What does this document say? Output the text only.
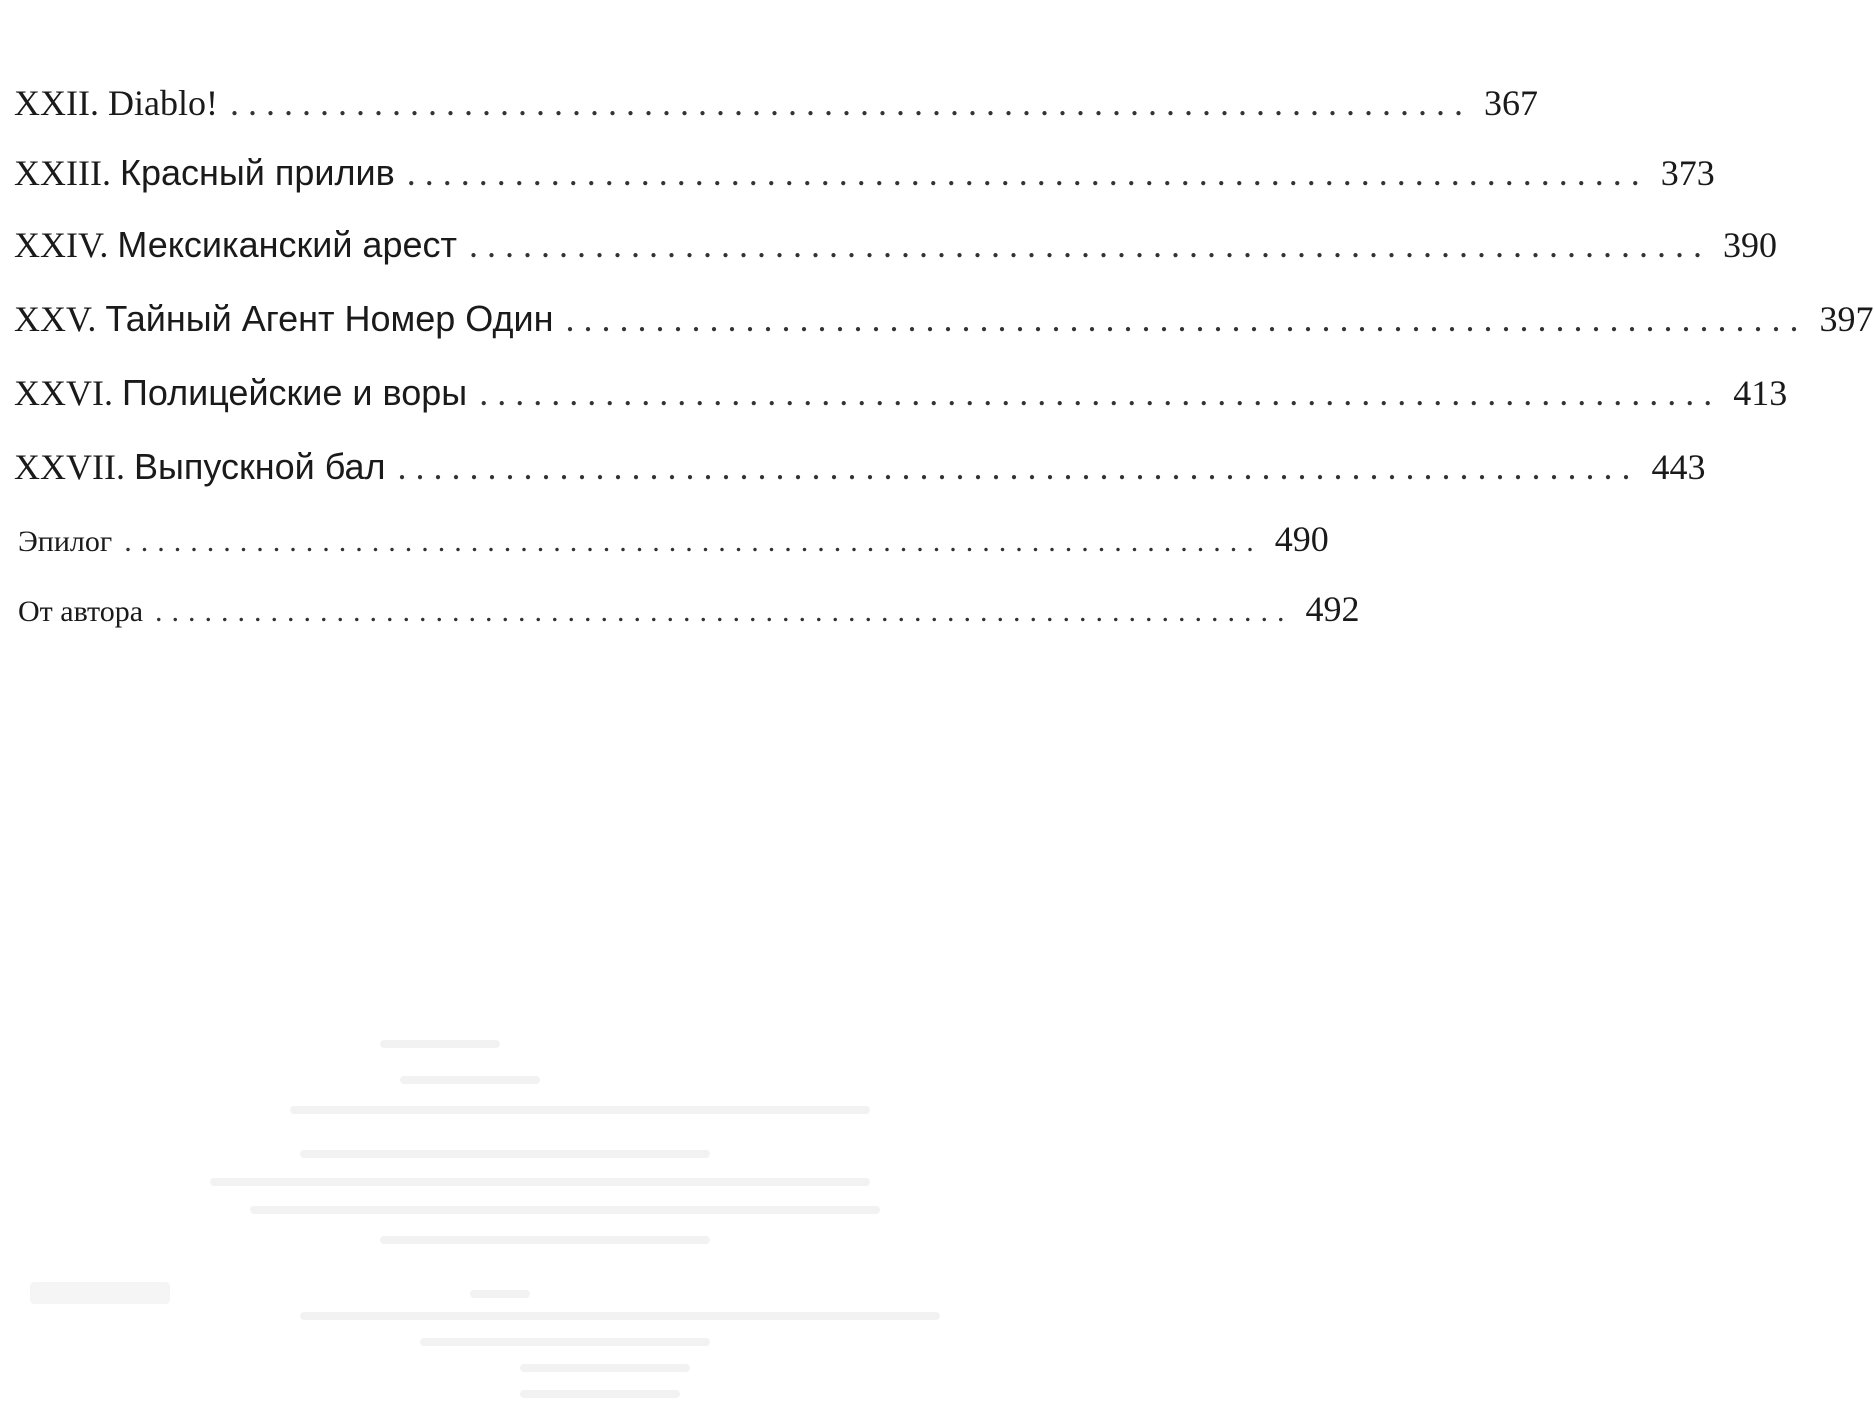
XXII. Diablo! ..................................................................... 367
XXIII. Красный прилив ..................................................................... 373
XXIV. Мексиканский арест ..................................................................... 390
XXV. Тайный Агент Номер Один ..................................................................... 397
XXVI. Полицейские и воры ..................................................................... 413
XXVII. Выпускной бал ..................................................................... 443
Эпилог ..................................................................... 490
От автора ..................................................................... 492
